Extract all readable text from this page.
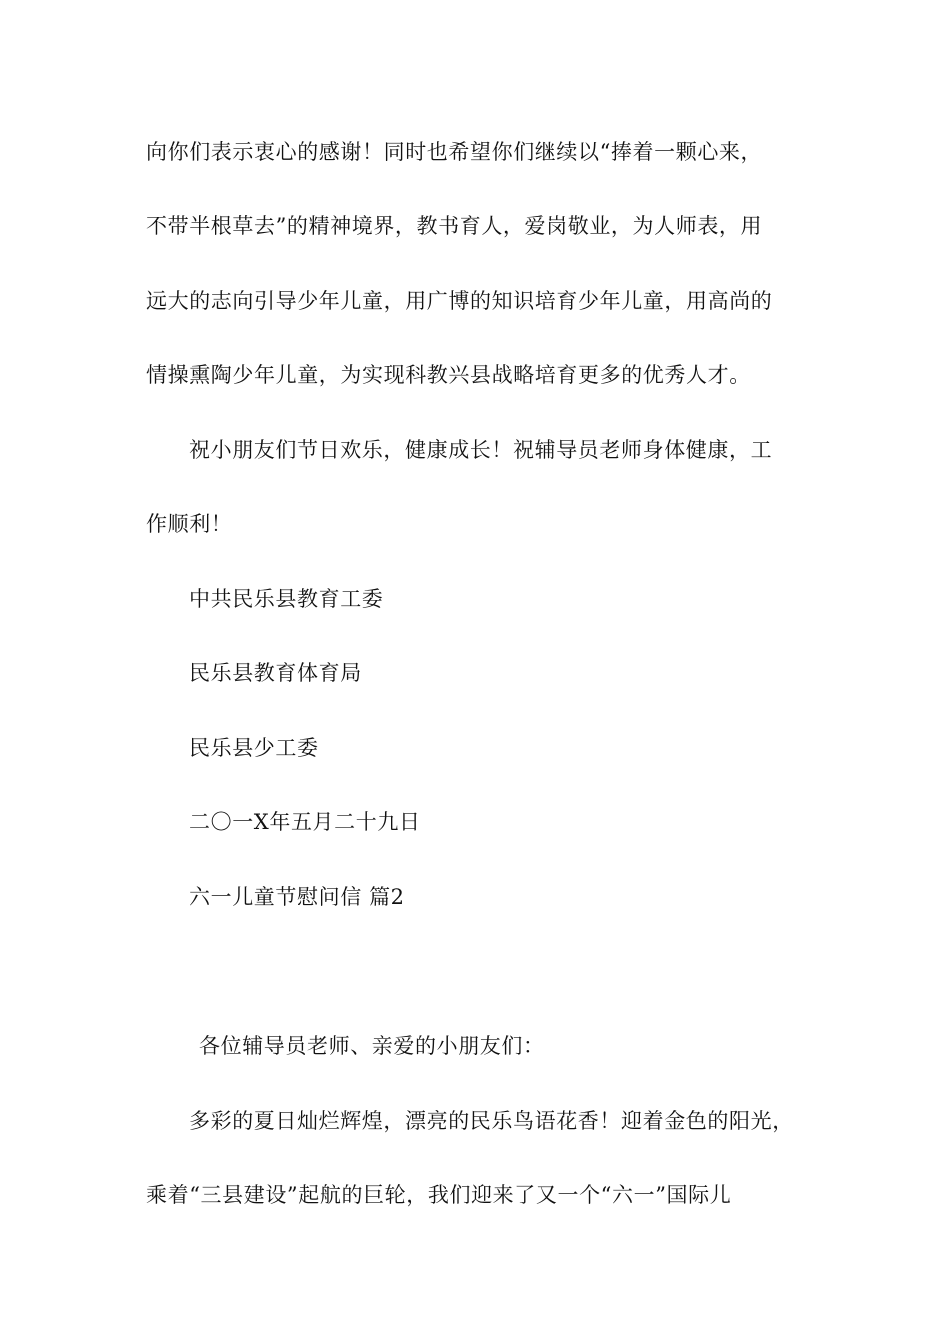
向你们表示衷心的感谢！同时也希望你们继续以“捧着一颗心来，
不带半根草去”的精神境界，教书育人，爱岗敬业，为人师表，用
远大的志向引导少年儿童，用广博的知识培育少年儿童，用高尚的
情操熏陶少年儿童，为实现科教兴县战略培育更多的优秀人才。
祝小朋友们节日欢乐，健康成长！祝辅导员老师身体健康，工
作顺利！
中共民乐县教育工委
民乐县教育体育局
民乐县少工委
二〇一X年五月二十九日
六一儿童节慰问信 篇2
各位辅导员老师、亲爱的小朋友们：
多彩的夏日灿烂辉煌，漂亮的民乐鸟语花香！迎着金色的阳光，
乘着“三县建设”起航的巨轮，我们迎来了又一个“六一”国际儿
